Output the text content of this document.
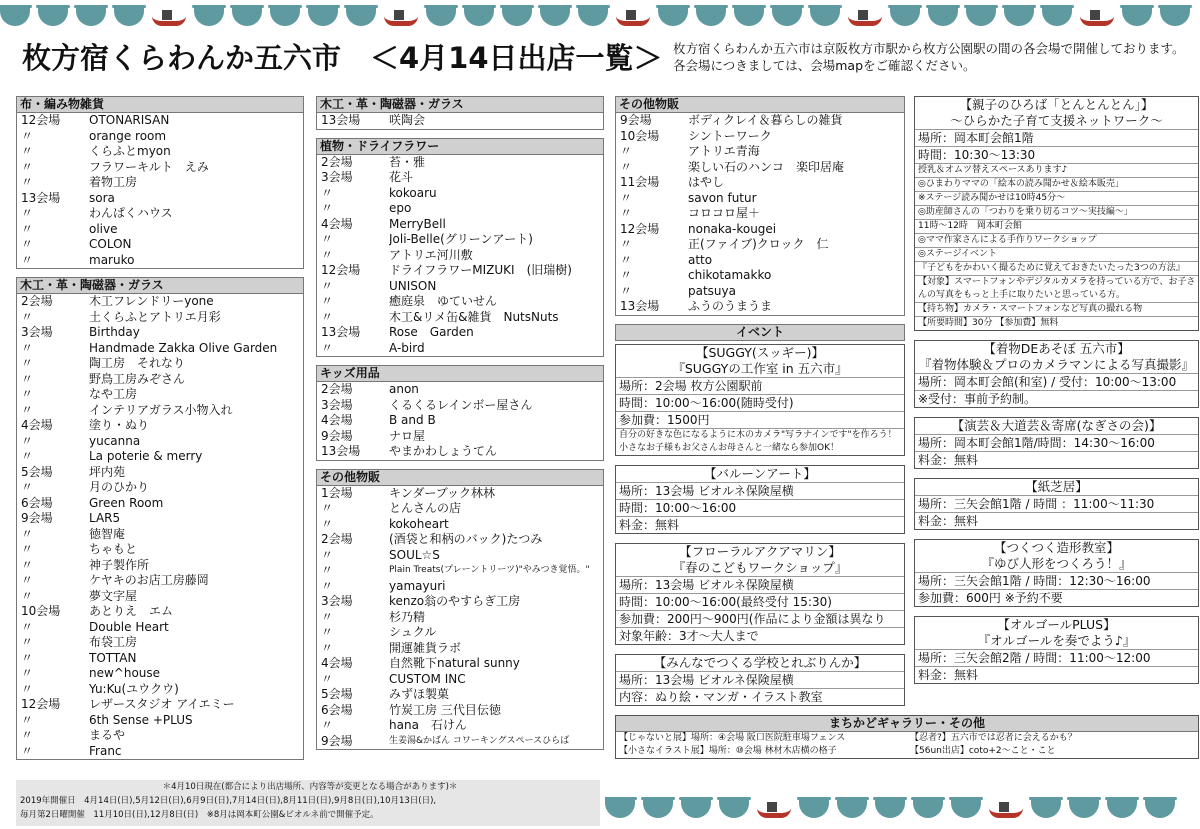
枚方宿くらわんか五六市　＜4月14日出店一覧＞ 枚方宿くらわんか五六市は京阪枚方市駅から枚方公園駅の間の各会場で開催しております。各会場につきましては、会場mapをご確認ください。
布・編み物雑貨
12会場	OTONARISAN
〃	orange room
〃	くらふとmyon
〃	フラワーキルト　えみ
〃	着物工房
13会場	sora
〃	わんぱくハウス
〃	olive
〃	COLON
〃	maruko
木工・革・陶磁器・ガラス
2会場	木工フレンドリーyone
〃	土くらふとアトリエ月彩
3会場	Birthday
〃	Handmade Zakka Olive Garden
〃	陶工房　それなり
〃	野鳥工房みぞさん
〃	なや工房
〃	インテリアガラス小物入れ
4会場	塗り・ぬり
〃	yucanna
〃	La poterie & merry
5会場	坪内苑
〃	月のひかり
6会場	Green Room
9会場	LAR5
〃	徳智庵
〃	ちゃもと
〃	神子製作所
〃	ケヤキのお店工房藤岡
〃	夢文字屋
10会場	あとりえ　エム
〃	Double Heart
〃	布袋工房
〃	TOTTAN
〃	new^house
〃	Yu:Ku(ユウクウ)
12会場	レザースタジオ アイエミー
〃	6th Sense +PLUS
〃	まるや
〃	Franc
木工・革・陶磁器・ガラス
13会場	咲陶会
植物・ドライフラワー
2会場	苔・雅
3会場	花斗
〃	kokoaru
〃	epo
4会場	MerryBell
〃	Joli-Belle(グリーンアート)
〃	アトリエ河川敷
12会場	ドライフラワーMIZUKI　(旧瑞樹)
〃	UNISON
〃	癒庭泉　ゆていせん
〃	木工&リメ缶&雑貨　NutsNuts
13会場	Rose　Garden
〃	A-bird
キッズ用品
2会場	anon
3会場	くるくるレインボー屋さん
4会場	B and B
9会場	ナロ屋
13会場	やまかわしょうてん
その他物販
1会場	キンダーブック林林
〃	とんさんの店
〃	kokoheart
2会場	(酒袋と和柄のバック)たつみ
〃	SOUL☆S
〃	Plain Treats(プレーントリーツ)"やみつき覚悟。"
〃	yamayuri
3会場	kenzo翁のやすらぎ工房
〃	杉乃精
〃	シュクル
〃	開運雑貨ラボ
4会場	自然靴下natural sunny
〃	CUSTOM INC
5会場	みずほ製菓
6会場	竹炭工房 三代目伝徳
〃	hana　石けん
9会場	生姜湯&かばん コワーキングスペースひらば
その他物販
9会場	ボディクレイ＆暮らしの雑貨
10会場	シントーワーク
〃	アトリエ青海
〃	楽しい石のハンコ　楽印居庵
11会場	はやし
〃	savon futur
〃	コロコロ屋＋
12会場	nonaka-kougei
〃	正(ファイブ)クロック　仁
〃	atto
〃	chikotamakko
〃	patsuya
13会場	ふうのうまうま
イベント
【SUGGY(スッギー)】
『SUGGYの工作室 in 五六市』
場所：2会場 枚方公園駅前
時間：10:00〜16:00(随時受付)
参加費：1500円
自分の好きな色になるように木のカメラ"写ラナインです"を作ろう！小さなお子様もお父さんお母さんと一緒なら参加OK！
【バルーンアート】
場所：13会場 ビオルネ保険屋横
時間：10:00〜16:00
料金：無料
【フローラルアクアマリン】
『春のこどもワークショップ』
場所：13会場 ビオルネ保険屋横
時間：10:00〜16:00(最終受付 15:30)
参加費：200円〜900円(作品により金額は異なり
対象年齢：3才〜大人まで
【みんなでつくる学校とれぶりんか】
場所：13会場 ビオルネ保険屋横
内容：ぬり絵・マンガ・イラスト教室
【親子のひろば「とんとんとん」】
〜ひらかた子育て支援ネットワーク〜
場所：岡本町会館1階
時間：10:30〜13:30
授乳＆オムツ替えスペースあります♪
◎ひまわりママの「絵本の読み聞かせ＆絵本販売」
※ステージ読み聞かせは10時45分〜
◎助産師さんの「つわりを乗り切るコツ〜実技編〜」
11時〜12時　岡本町会館
◎ママ作家さんによる手作りワークショップ
◎ステージイベント
『子どもをかわいく撮るために覚えておきたいたった3つの方法』
【対象】スマートフォンやデジタルカメラを持っている方で、お子さんの写真をもっと上手に取りたいと思っている方。
【持ち物】カメラ・スマートフォンなど写真の撮れる物
【所要時間】30分 【参加費】無料
【着物DEあそぼ 五六市】
『着物体験＆プロのカメラマンによる写真撮影』
場所：岡本町会館(和室) / 受付：10:00〜13:00
※受付：事前予約制。
【演芸＆大道芸＆寄席(なぎさの会)】
場所：岡本町会館1階/時間：14:30〜16:00
料金：無料
【紙芝居】
場所：三矢会館1階 / 時間 ：11:00〜11:30
料金：無料
【つくつく造形教室】
『ゆび人形をつくろう！』
場所：三矢会館1階 / 時間：12:30〜16:00
参加費：600円 ※予約不要
【オルゴールPLUS】
『オルゴールを奏でよう♪』
場所：三矢会館2階 / 時間：11:00〜12:00
料金：無料
まちかどギャラリー・その他
【じゃないと展】場所：④会場 阪口医院駐車場フェンス	【忍者?】五六市では忍者に会えるかも？
【小さなイラスト展】場所：⑩会場 林材木店横の格子	【56un出店】coto+2〜こと・こと
＊4月10日現在(都合により出店場所、内容等が変更となる場合があります)＊
2019年開催日　4月14日(日),5月12日(日),6月9日(日),7月14日(日),8月11日(日),9月8日(日),10月13日(日),
毎月第2日曜開催　11月10日(日),12月8日(日)　※8月は岡本町公園&ビオルネ前で開催予定。
